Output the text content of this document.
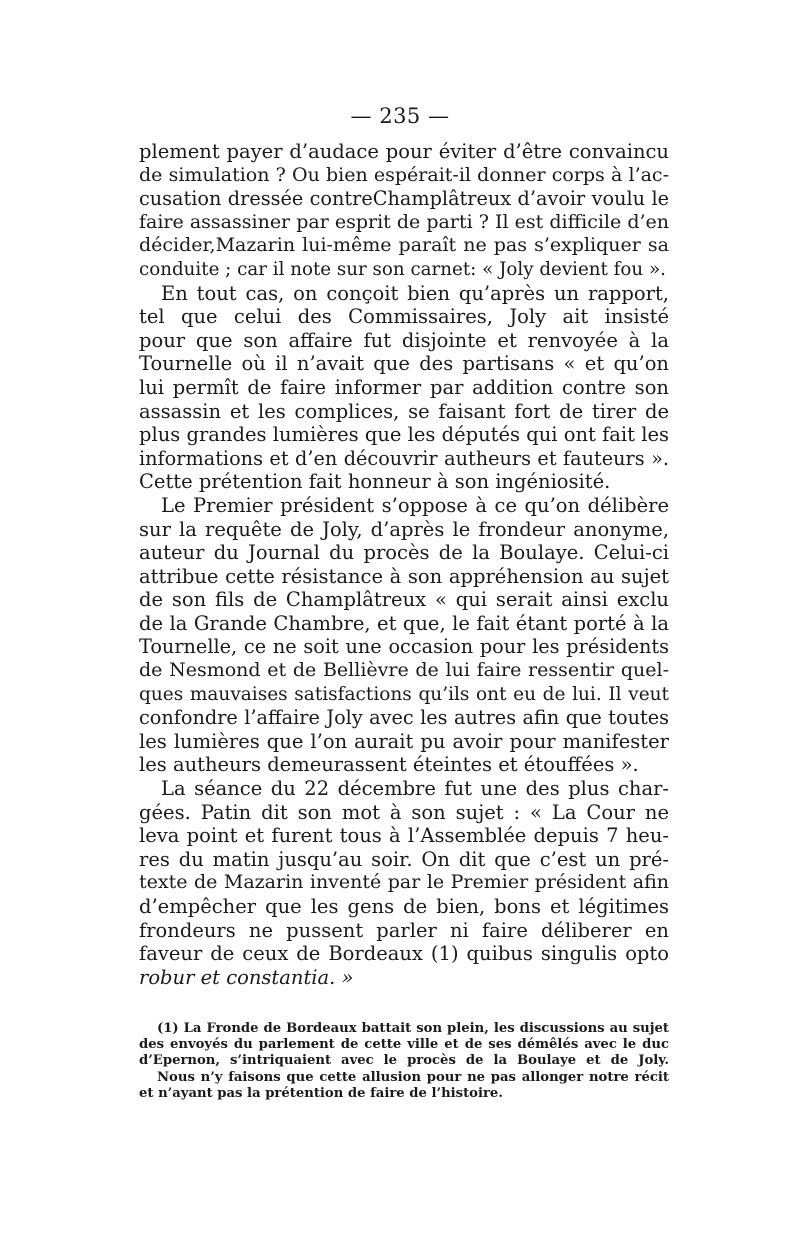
— 235 —
plement payer d’audace pour éviter d’être convaincu
de simulation ? Ou bien espérait-il donner corps à l’ac-
cusation dressée contreChamplâtreux d’avoir voulu le
faire assassiner par esprit de parti ? Il est difficile d’en
décider,Mazarin lui-même paraît ne pas s’expliquer sa
conduite ; car il note sur son carnet: « Joly devient fou ».
En tout cas, on conçoit bien qu’après un rapport,
tel que celui des Commissaires, Joly ait insisté
pour que son affaire fut disjointe et renvoyée à la
Tournelle où il n’avait que des partisans « et qu’on
lui permît de faire informer par addition contre son
assassin et les complices, se faisant fort de tirer de
plus grandes lumières que les députés qui ont fait les
informations et d’en découvrir autheurs et fauteurs ».
Cette prétention fait honneur à son ingéniosité.
Le Premier président s’oppose à ce qu’on délibère
sur la requête de Joly, d’après le frondeur anonyme,
auteur du Journal du procès de la Boulaye. Celui-ci
attribue cette résistance à son appréhension au sujet
de son fils de Champlâtreux « qui serait ainsi exclu
de la Grande Chambre, et que, le fait étant porté à la
Tournelle, ce ne soit une occasion pour les présidents
de Nesmond et de Bellièvre de lui faire ressentir quel-
ques mauvaises satisfactions qu’ils ont eu de lui. Il veut
confondre l’affaire Joly avec les autres afin que toutes
les lumières que l’on aurait pu avoir pour manifester
les autheurs demeurassent éteintes et étouffées ».
La séance du 22 décembre fut une des plus char-
gées. Patin dit son mot à son sujet : « La Cour ne
leva point et furent tous à l’Assemblée depuis 7 heu-
res du matin jusqu’au soir. On dit que c’est un pré-
texte de Mazarin inventé par le Premier président afin
d’empêcher que les gens de bien, bons et légitimes
frondeurs ne pussent parler ni faire déliberer en
faveur de ceux de Bordeaux (1) quibus singulis opto
robur et constantia. »
(1) La Fronde de Bordeaux battait son plein, les discussions au sujet
des envoyés du parlement de cette ville et de ses démêlés avec le duc
d’Epernon, s’intriquaient avec le procès de la Boulaye et de Joly.
Nous n’y faisons que cette allusion pour ne pas allonger notre récit
et n’ayant pas la prétention de faire de l’histoire.
